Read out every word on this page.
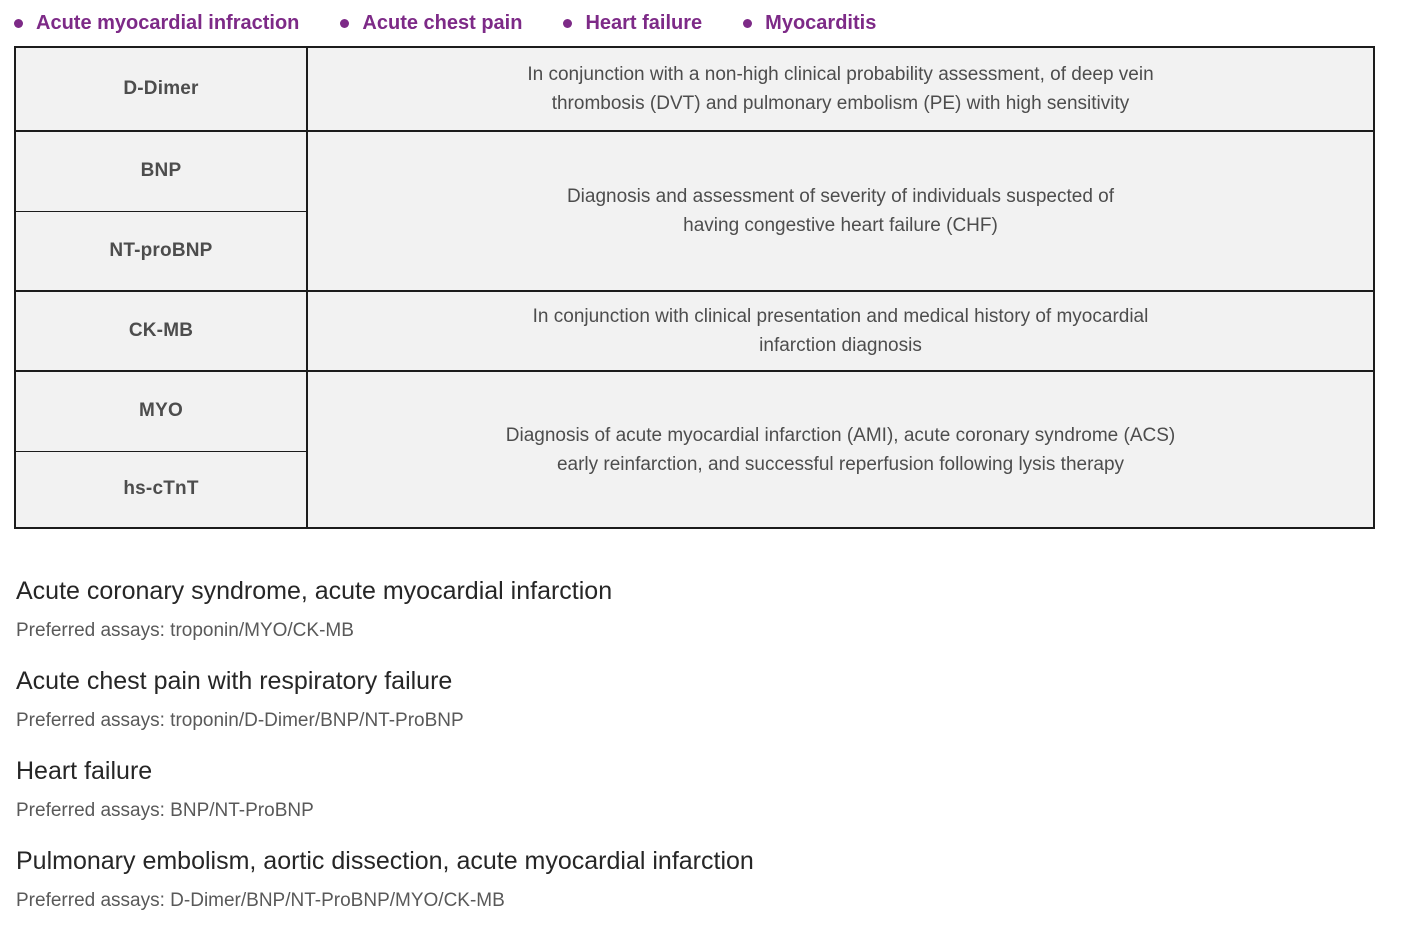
Acute myocardial infraction	Acute chest pain	Heart failure	Myocarditis
D-Dimer	In conjunction with a non-high clinical probability assessment, of deep vein
thrombosis (DVT) and pulmonary embolism (PE) with high sensitivity

BNP	Diagnosis and assessment of severity of individuals suspected of
having congestive heart failure (CHF)

NT-proBNP	
CK-MB	In conjunction with clinical presentation and medical history of myocardial
infarction diagnosis

MYO	Diagnosis of acute myocardial infarction (AMI), acute coronary syndrome (ACS)
early reinfarction, and successful reperfusion following lysis therapy

hs-cTnT	
Acute coronary syndrome, acute myocardial infarction

Preferred assays: troponin/MYO/CK-MB

Acute chest pain with respiratory failure

Preferred assays: troponin/D-Dimer/BNP/NT-ProBNP

Heart failure

Preferred assays: BNP/NT-ProBNP

Pulmonary embolism, aortic dissection, acute myocardial infarction

Preferred assays: D-Dimer/BNP/NT-ProBNP/MYO/CK-MB
